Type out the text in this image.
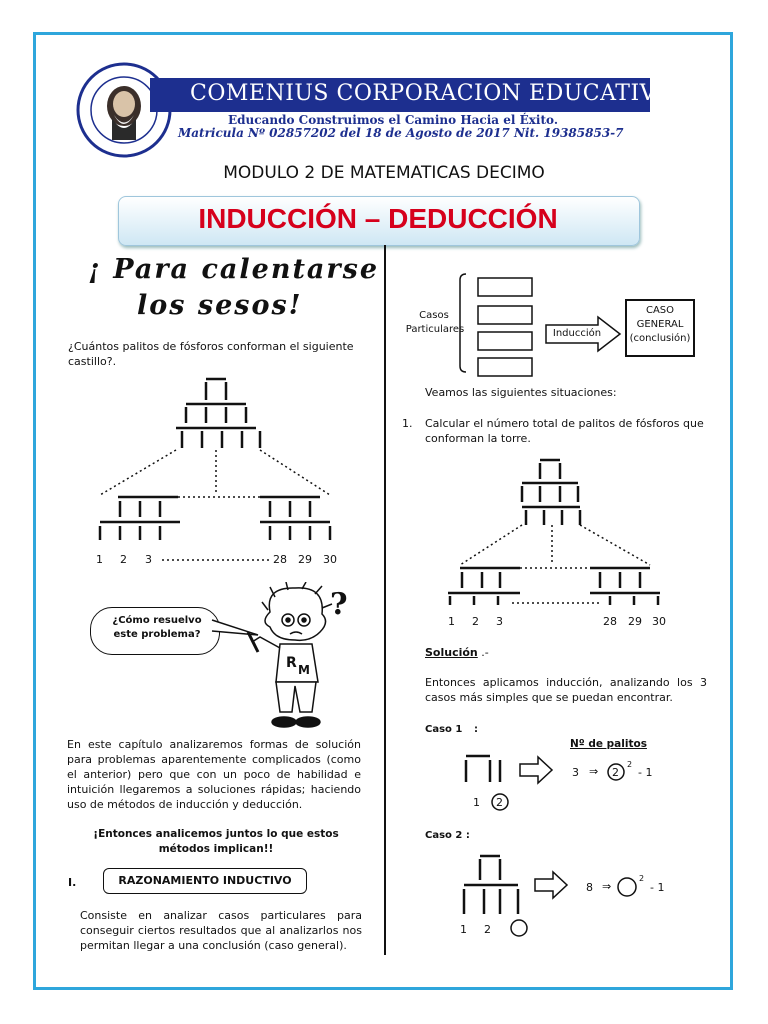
COMENIUS CORPORACION EDUCATIVA
Educando Construimos el Camino Hacia el Éxito.
Matricula Nº 02857202 del 18 de Agosto de 2017 Nit. 19385853-7
MODULO 2 DE MATEMATICAS DECIMO
INDUCCIÓN – DEDUCCIÓN
¡ Para calentarse
los sesos!
¿Cuántos palitos de fósforos conforman el siguiente castillo?.
1 2 3	28 29 30
¿Cómo resuelvo este problema?
R M
?
En este capítulo analizaremos formas de solución para problemas aparentemente complicados (como el anterior) pero que con un poco de habilidad e intuición llegaremos a soluciones rápidas; haciendo uso de métodos de inducción y deducción.
¡Entonces analicemos juntos lo que estos métodos implican!!
I.	RAZONAMIENTO INDUCTIVO
Consiste en analizar casos particulares para conseguir ciertos resultados que al analizarlos nos permitan llegar a una conclusión (caso general).
Casos
Particulares	Inducción
CASO
GENERAL
(conclusión)
Veamos las siguientes situaciones:
1. Calcular el número total de palitos de fósforos que conforman la torre.
1 2 3	28 29 30
Solución .-
Entonces aplicamos inducción, analizando los 3 casos más simples que se puedan encontrar.
Caso 1 :
Nº de palitos
3 ⇒ 2
2
- 1
1 2
Caso 2 :
8 ⇒
2
- 1
1 2
